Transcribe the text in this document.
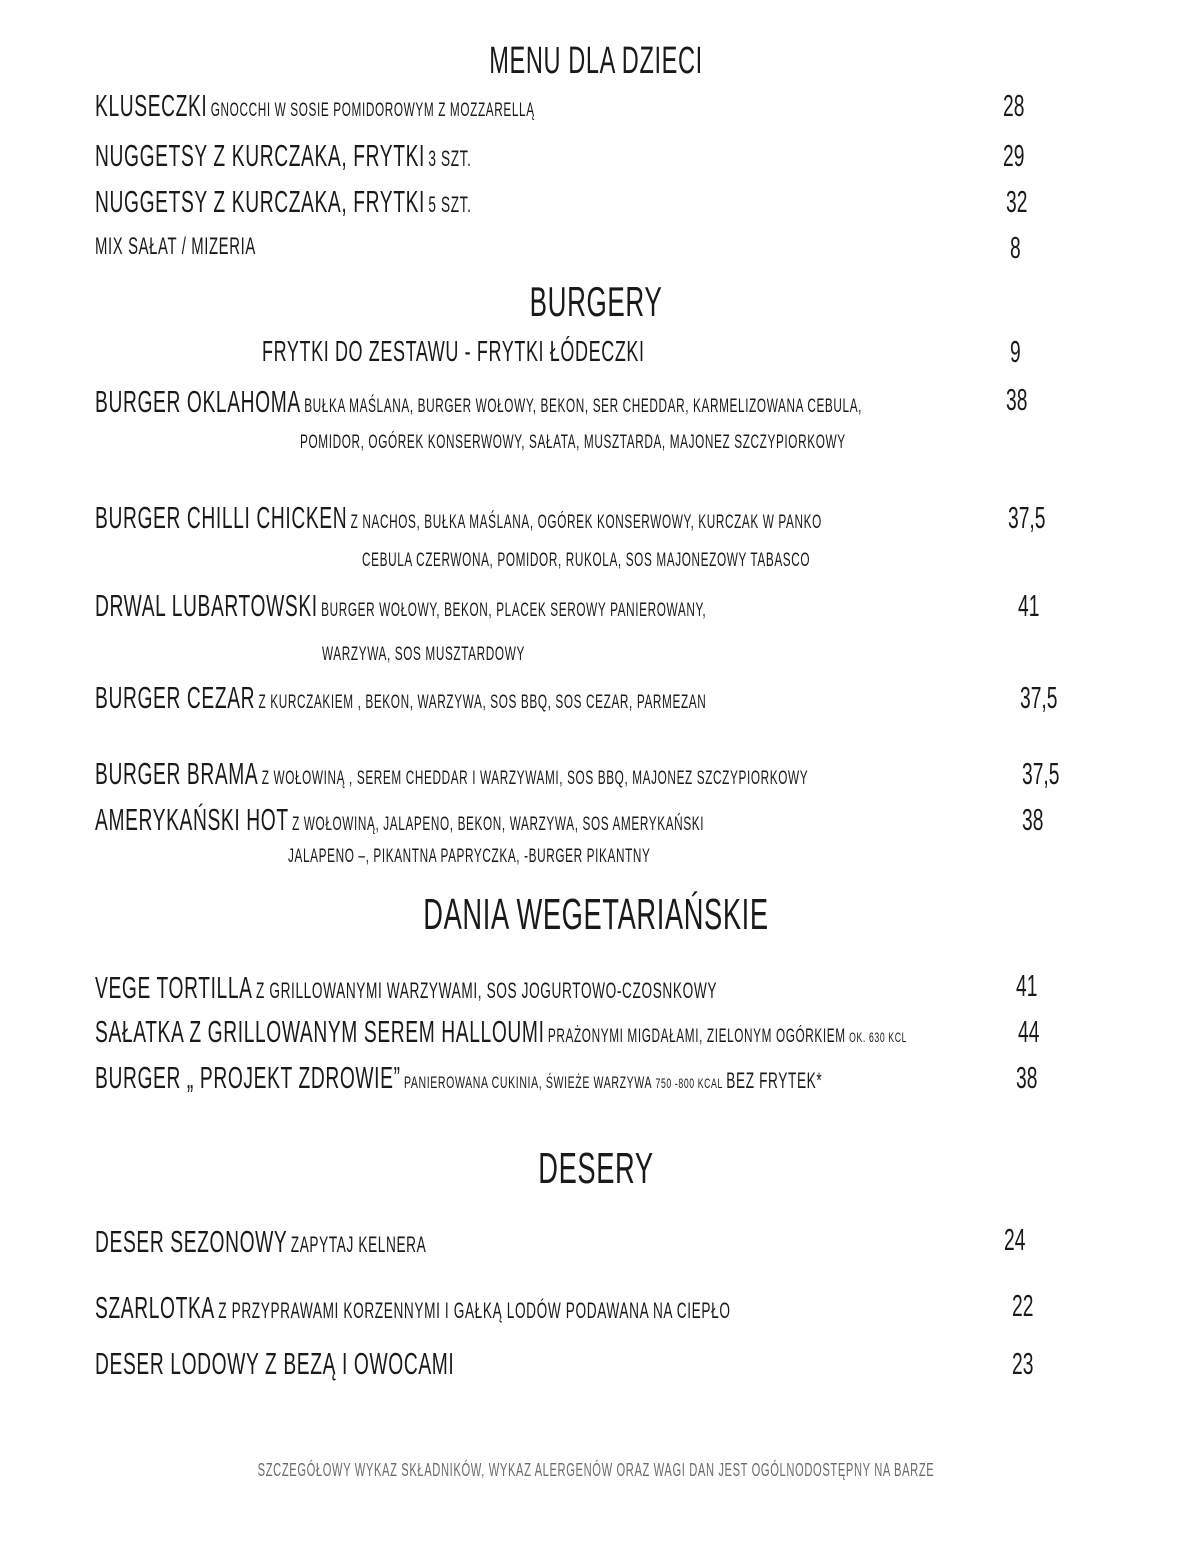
MENU DLA DZIECI
KLUSECZKI GNOCCHI W SOSIE POMIDOROWYM Z MOZZARELLĄ	28
NUGGETSY Z KURCZAKA, FRYTKI 3 SZT.	29
NUGGETSY Z KURCZAKA, FRYTKI 5 SZT.	32
MIX SAŁAT / MIZERIA	8
BURGERY
FRYTKI DO ZESTAWU - FRYTKI ŁÓDECZKI	9
BURGER OKLAHOMA BUŁKA MAŚLANA, BURGER WOŁOWY, BEKON, SER CHEDDAR, KARMELIZOWANA CEBULA,	38
POMIDOR, OGÓREK KONSERWOWY, SAŁATA, MUSZTARDA, MAJONEZ SZCZYPIORKOWY
BURGER CHILLI CHICKEN Z NACHOS, BUŁKA MAŚLANA, OGÓREK KONSERWOWY, KURCZAK W PANKO	37,5
CEBULA CZERWONA, POMIDOR, RUKOLA, SOS MAJONEZOWY TABASCO
DRWAL LUBARTOWSKI BURGER WOŁOWY, BEKON, PLACEK SEROWY PANIEROWANY,	41
WARZYWA, SOS MUSZTARDOWY
BURGER CEZAR Z KURCZAKIEM , BEKON, WARZYWA, SOS BBQ, SOS CEZAR, PARMEZAN	37,5
BURGER BRAMA Z WOŁOWINĄ , SEREM CHEDDAR I WARZYWAMI, SOS BBQ, MAJONEZ SZCZYPIORKOWY	37,5
AMERYKAŃSKI HOT Z WOŁOWINĄ, JALAPENO, BEKON, WARZYWA, SOS AMERYKAŃSKI	38
JALAPENO –, PIKANTNA PAPRYCZKA, -BURGER PIKANTNY
DANIA WEGETARIAŃSKIE
VEGE TORTILLA Z GRILLOWANYMI WARZYWAMI, SOS JOGURTOWO-CZOSNKOWY	41
SAŁATKA Z GRILLOWANYM SEREM HALLOUMI PRAŻONYMI MIGDAŁAMI, ZIELONYM OGÓRKIEM OK. 630 KCL	44
BURGER „ PROJEKT ZDROWIE” PANIEROWANA CUKINIA, ŚWIEŻE WARZYWA 750 -800 KCAL BEZ FRYTEK*	38
DESERY
DESER SEZONOWY ZAPYTAJ KELNERA	24
SZARLOTKA Z PRZYPRAWAMI KORZENNYMI I GAŁKĄ LODÓW PODAWANA NA CIEPŁO	22
DESER LODOWY Z BEZĄ I OWOCAMI	23
SZCZEGÓŁOWY WYKAZ SKŁADNIKÓW, WYKAZ ALERGENÓW ORAZ WAGI DAN JEST OGÓLNODOSTĘPNY NA BARZE
